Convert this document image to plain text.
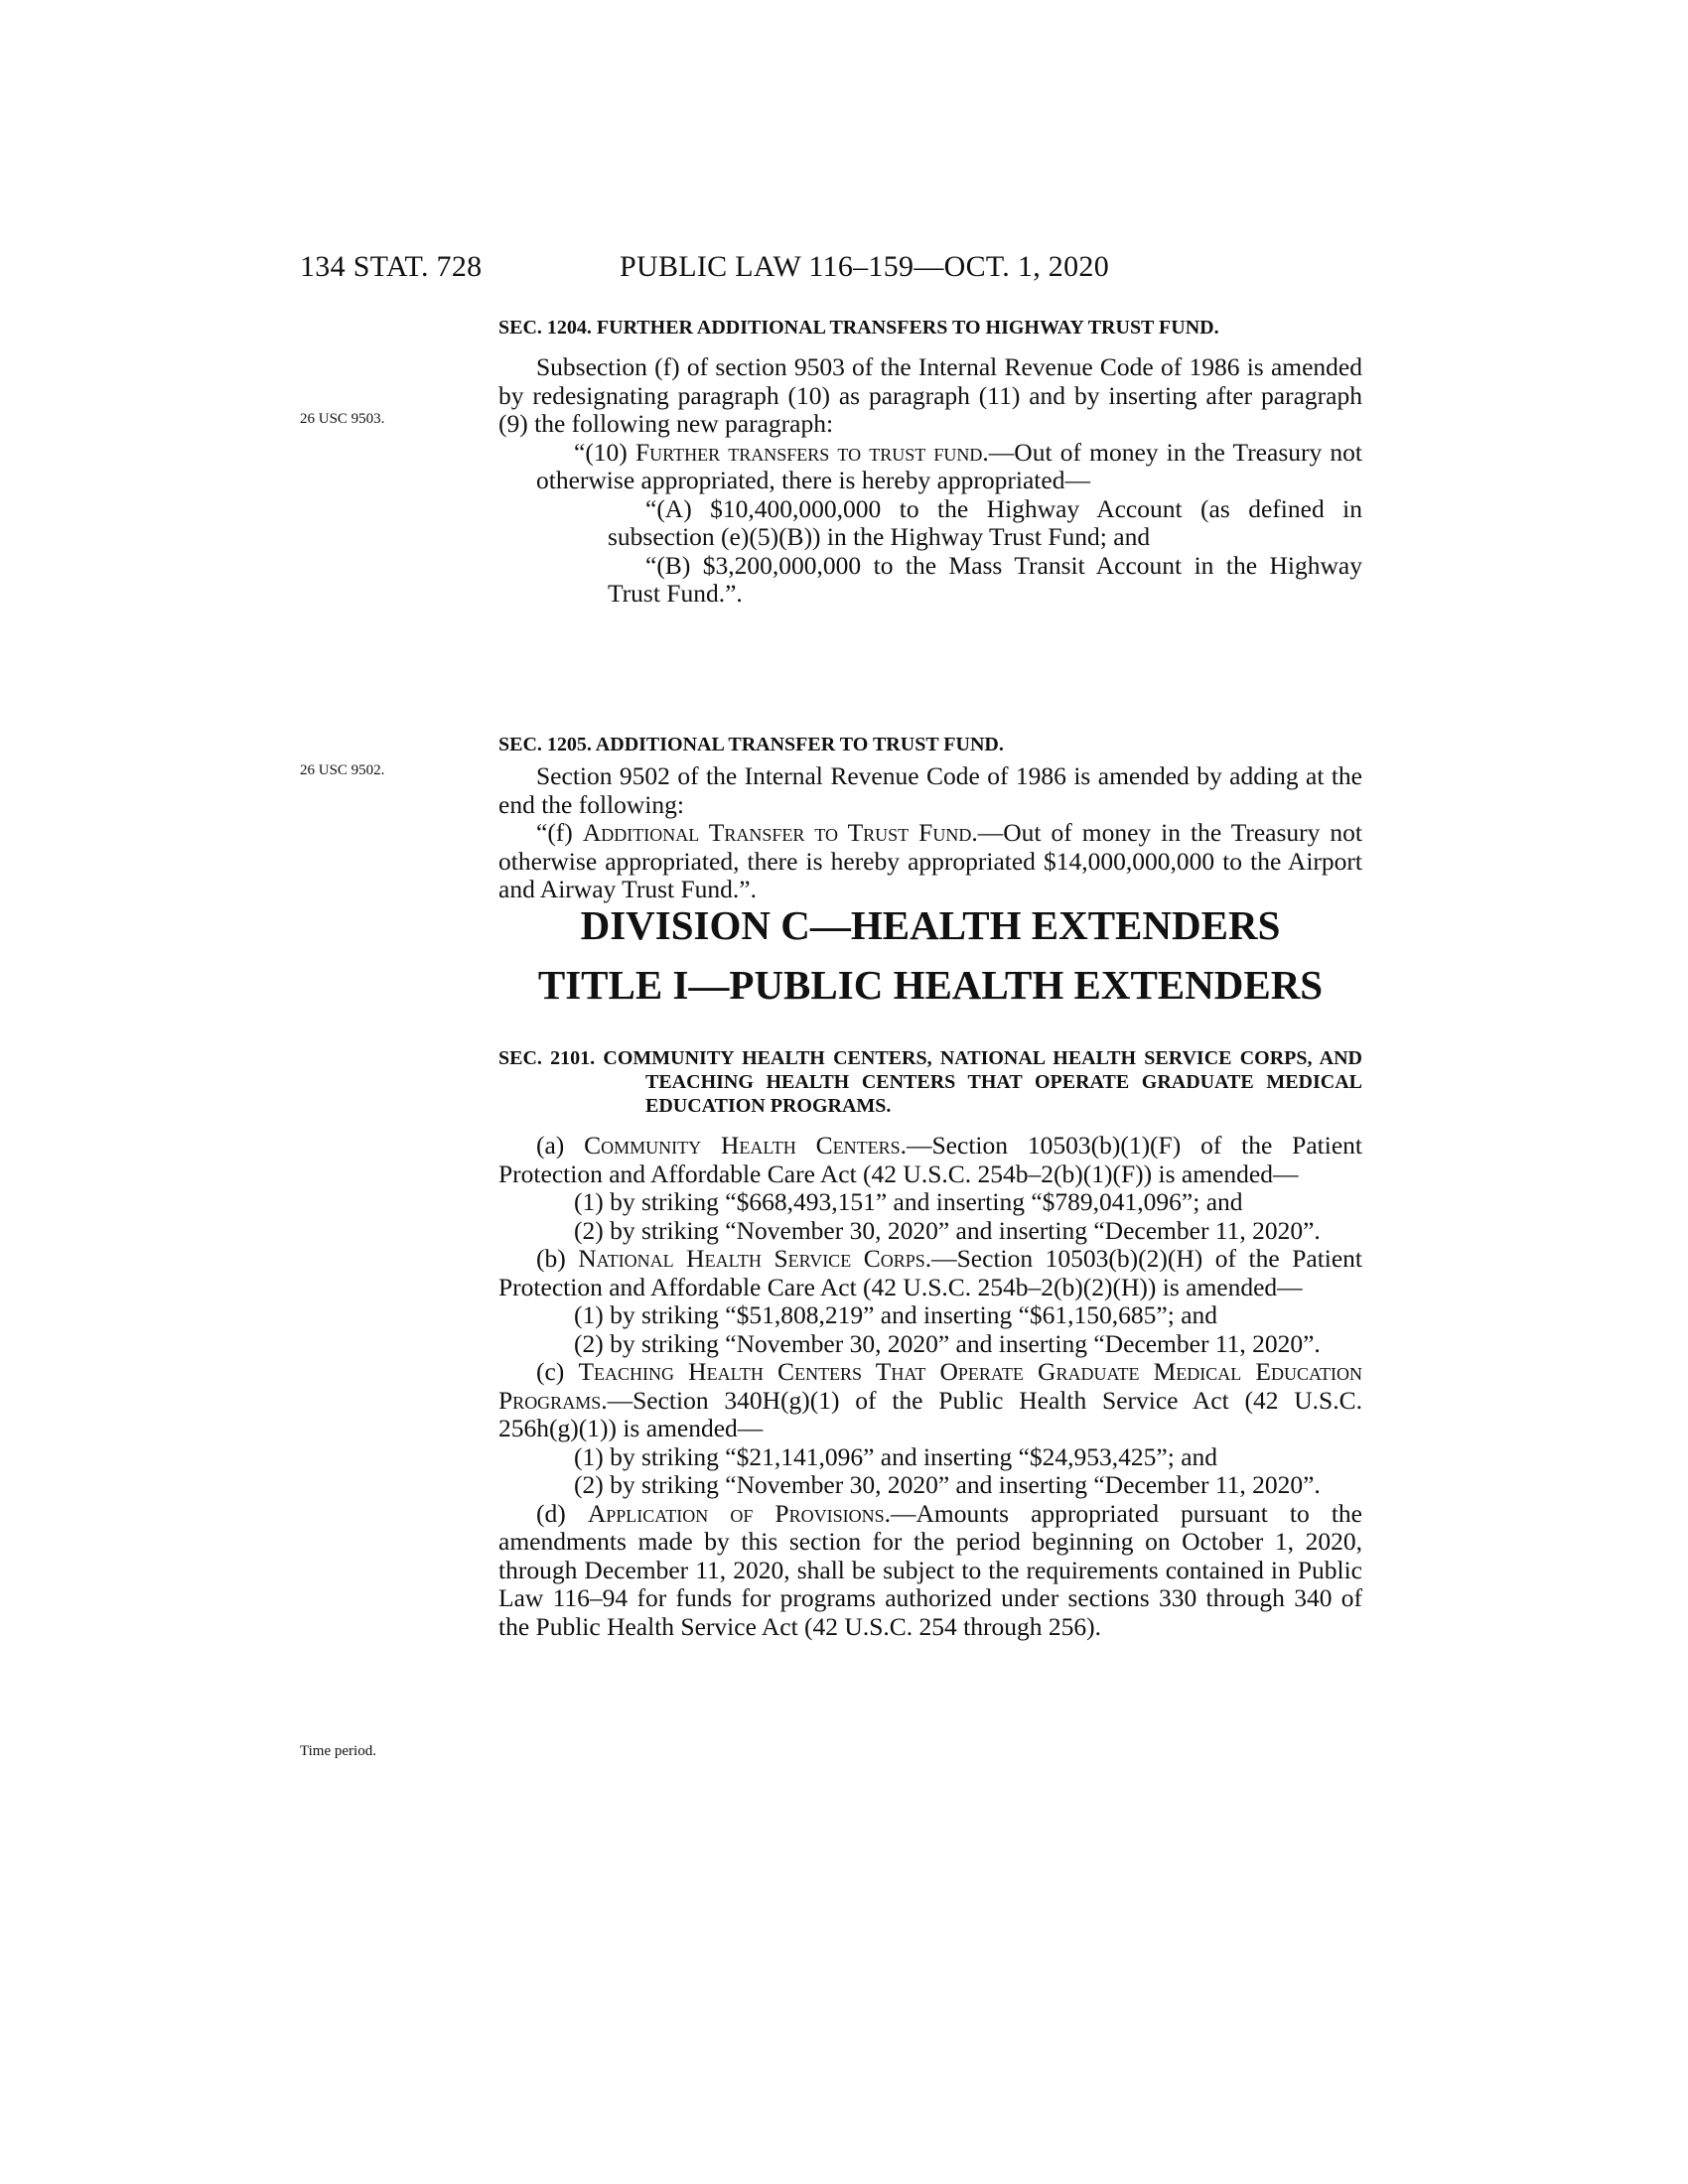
134 STAT. 728	PUBLIC LAW 116–159—OCT. 1, 2020
26 USC 9503.
26 USC 9502.
Time period.
SEC. 1204. FURTHER ADDITIONAL TRANSFERS TO HIGHWAY TRUST FUND.

Subsection (f) of section 9503 of the Internal Revenue Code of 1986 is amended by redesignating paragraph (10) as paragraph (11) and by inserting after paragraph (9) the following new paragraph:

“(10) Further transfers to trust fund.—Out of money in the Treasury not otherwise appropriated, there is hereby appropriated—

“(A) $10,400,000,000 to the Highway Account (as defined in subsection (e)(5)(B)) in the Highway Trust Fund; and

“(B) $3,200,000,000 to the Mass Transit Account in the Highway Trust Fund.”.

SEC. 1205. ADDITIONAL TRANSFER TO TRUST FUND.

Section 9502 of the Internal Revenue Code of 1986 is amended by adding at the end the following:

“(f) Additional Transfer to Trust Fund.—Out of money in the Treasury not otherwise appropriated, there is hereby appropriated $14,000,000,000 to the Airport and Airway Trust Fund.”.

DIVISION C—HEALTH EXTENDERS
TITLE I—PUBLIC HEALTH EXTENDERS
SEC. 2101. COMMUNITY HEALTH CENTERS, NATIONAL HEALTH SERVICE CORPS, AND TEACHING HEALTH CENTERS THAT OPERATE GRADUATE MEDICAL EDUCATION PROGRAMS.

(a) Community Health Centers.—Section 10503(b)(1)(F) of the Patient Protection and Affordable Care Act (42 U.S.C. 254b–2(b)(1)(F)) is amended—

(1) by striking “$668,493,151” and inserting “$789,041,096”; and

(2) by striking “November 30, 2020” and inserting “December 11, 2020”.

(b) National Health Service Corps.—Section 10503(b)(2)(H) of the Patient Protection and Affordable Care Act (42 U.S.C. 254b–2(b)(2)(H)) is amended—

(1) by striking “$51,808,219” and inserting “$61,150,685”; and

(2) by striking “November 30, 2020” and inserting “December 11, 2020”.

(c) Teaching Health Centers That Operate Graduate Medical Education Programs.—Section 340H(g)(1) of the Public Health Service Act (42 U.S.C. 256h(g)(1)) is amended—

(1) by striking “$21,141,096” and inserting “$24,953,425”; and

(2) by striking “November 30, 2020” and inserting “December 11, 2020”.

(d) Application of Provisions.—Amounts appropriated pursuant to the amendments made by this section for the period beginning on October 1, 2020, through December 11, 2020, shall be subject to the requirements contained in Public Law 116–94 for funds for programs authorized under sections 330 through 340 of the Public Health Service Act (42 U.S.C. 254 through 256).
